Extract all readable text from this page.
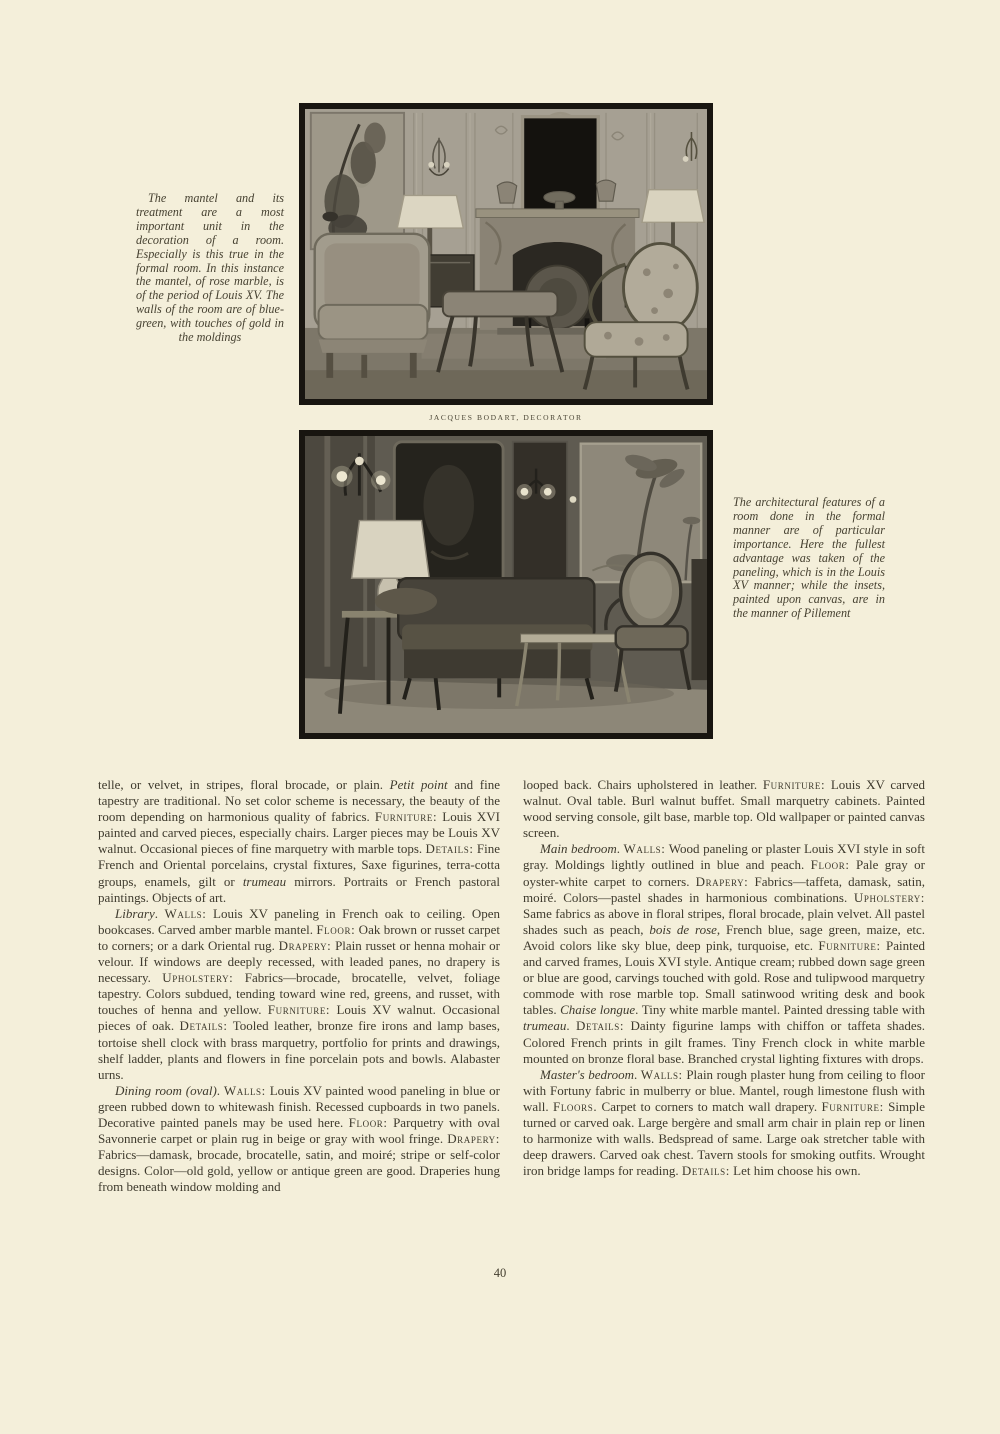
The mantel and its treatment are a most important unit in the decoration of a room. Especially is this true in the formal room. In this instance the mantel, of rose marble, is of the period of Louis XV. The walls of the room are of blue-green, with touches of gold in the moldings
JACQUES BODART, DECORATOR
The architectural features of a room done in the formal manner are of particular importance. Here the fullest advantage was taken of the paneling, which is in the Louis XV manner; while the insets, painted upon canvas, are in the manner of Pillement

telle, or velvet, in stripes, floral brocade, or plain. Petit point and fine tapestry are traditional. No set color scheme is necessary, the beauty of the room depending on harmonious quality of fabrics. Furniture: Louis XVI painted and carved pieces, especially chairs. Larger pieces may be Louis XV walnut. Occasional pieces of fine marquetry with marble tops. Details: Fine French and Oriental porcelains, crystal fixtures, Saxe figurines, terra-cotta groups, enamels, gilt or trumeau mirrors. Portraits or French pastoral paintings. Objects of art.

Library. Walls: Louis XV paneling in French oak to ceiling. Open bookcases. Carved amber marble mantel. Floor: Oak brown or russet carpet to corners; or a dark Oriental rug. Drapery: Plain russet or henna mohair or velour. If windows are deeply recessed, with leaded panes, no drapery is necessary. Upholstery: Fabrics—brocade, brocatelle, velvet, foliage tapestry. Colors subdued, tending toward wine red, greens, and russet, with touches of henna and yellow. Furniture: Louis XV walnut. Occasional pieces of oak. Details: Tooled leather, bronze fire irons and lamp bases, tortoise shell clock with brass marquetry, portfolio for prints and drawings, shelf ladder, plants and flowers in fine porcelain pots and bowls. Alabaster urns.

Dining room (oval). Walls: Louis XV painted wood paneling in blue or green rubbed down to whitewash finish. Recessed cupboards in two panels. Decorative painted panels may be used here. Floor: Parquetry with oval Savonnerie carpet or plain rug in beige or gray with wool fringe. Drapery: Fabrics—damask, brocade, brocatelle, satin, and moiré; stripe or self-color designs. Color—old gold, yellow or antique green are good. Draperies hung from beneath window molding and

looped back. Chairs upholstered in leather. Furniture: Louis XV carved walnut. Oval table. Burl walnut buffet. Small marquetry cabinets. Painted wood serving console, gilt base, marble top. Old wallpaper or painted canvas screen.

Main bedroom. Walls: Wood paneling or plaster Louis XVI style in soft gray. Moldings lightly outlined in blue and peach. Floor: Pale gray or oyster-white carpet to corners. Drapery: Fabrics—taffeta, damask, satin, moiré. Colors—pastel shades in harmonious combinations. Upholstery: Same fabrics as above in floral stripes, floral brocade, plain velvet. All pastel shades such as peach, bois de rose, French blue, sage green, maize, etc. Avoid colors like sky blue, deep pink, turquoise, etc. Furniture: Painted and carved frames, Louis XVI style. Antique cream; rubbed down sage green or blue are good, carvings touched with gold. Rose and tulipwood marquetry commode with rose marble top. Small satinwood writing desk and book tables. Chaise longue. Tiny white marble mantel. Painted dressing table with trumeau. Details: Dainty figurine lamps with chiffon or taffeta shades. Colored French prints in gilt frames. Tiny French clock in white marble mounted on bronze floral base. Branched crystal lighting fixtures with drops.

Master's bedroom. Walls: Plain rough plaster hung from ceiling to floor with Fortuny fabric in mulberry or blue. Mantel, rough limestone flush with wall. Floors. Carpet to corners to match wall drapery. Furniture: Simple turned or carved oak. Large bergère and small arm chair in plain rep or linen to harmonize with walls. Bedspread of same. Large oak stretcher table with deep drawers. Carved oak chest. Tavern stools for smoking outfits. Wrought iron bridge lamps for reading. Details: Let him choose his own.

40
